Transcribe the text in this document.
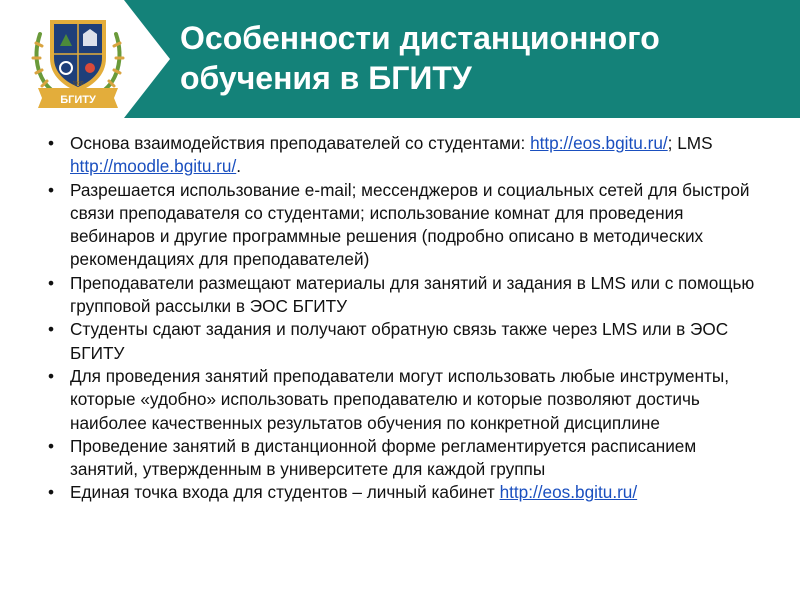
БГИТУ
1930
Особенности дистанционного
обучения в БГИТУ
• Основа взаимодействия преподавателей со студентами: http://eos.bgitu.ru/; LMS http://moodle.bgitu.ru/.
• Разрешается использование e-mail; мессенджеров и социальных сетей для быстрой связи преподавателя со студентами; использование комнат для проведения вебинаров и другие программные решения (подробно описано в методических рекомендациях для преподавателей)
• Преподаватели размещают материалы для занятий и задания в LMS или с помощью групповой рассылки в ЭОС БГИТУ
• Студенты сдают задания и получают обратную связь также через LMS или в ЭОС БГИТУ
• Для проведения занятий преподаватели могут использовать любые инструменты, которые «удобно» использовать преподавателю и которые позволяют достичь наиболее качественных результатов обучения по конкретной дисциплине
• Проведение занятий в дистанционной форме регламентируется расписанием занятий, утвержденным в университете для каждой группы
• Единая точка входа для студентов – личный кабинет http://eos.bgitu.ru/
